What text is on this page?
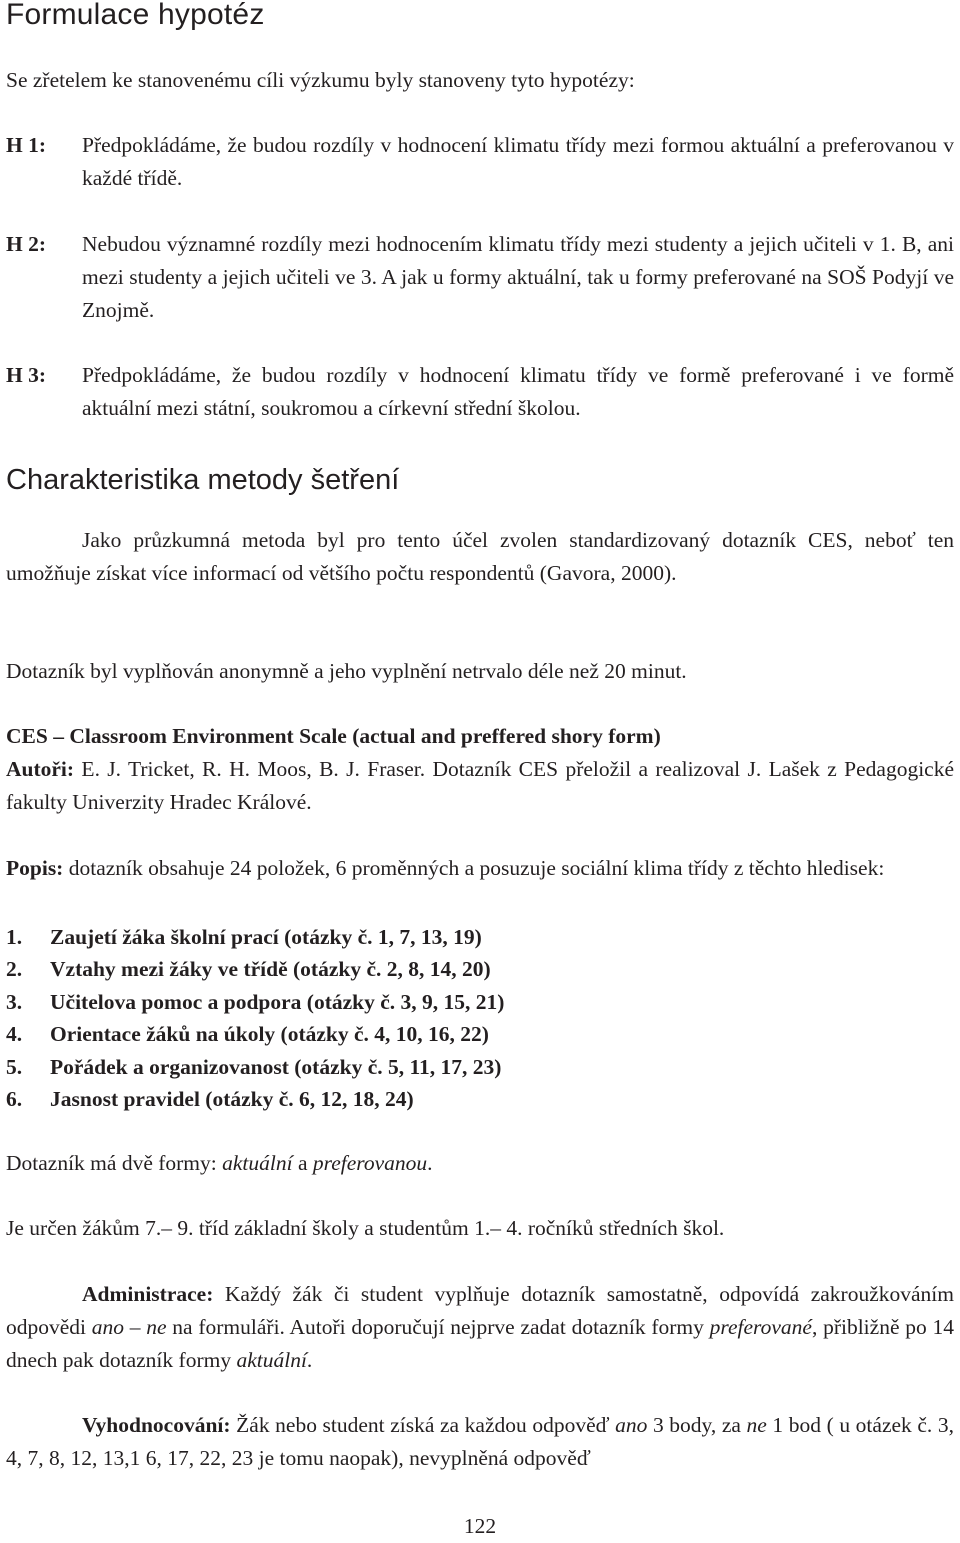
Formulace hypotéz

Se zřetelem ke stanovenému cíli výzkumu byly stanoveny tyto hypotézy:

H 1: Předpokládáme, že budou rozdíly v hodnocení klimatu třídy mezi formou aktuální a preferovanou v každé třídě.

H 2: Nebudou významné rozdíly mezi hodnocením klimatu třídy mezi studenty a jejich učiteli v 1. B, ani mezi studenty a jejich učiteli ve 3. A jak u formy aktuální, tak u formy preferované na SOŠ Podyjí ve Znojmě.

H 3: Předpokládáme, že budou rozdíly v hodnocení klimatu třídy ve formě preferované i ve formě aktuální mezi státní, soukromou a církevní střední školou.

Charakteristika metody šetření

Jako průzkumná metoda byl pro tento účel zvolen standardizovaný dotazník CES, neboť ten umožňuje získat více informací od většího počtu respondentů (Gavora, 2000).

Dotazník byl vyplňován anonymně a jeho vyplnění netrvalo déle než 20 minut.

CES – Classroom Environment Scale (actual and preffered shory form)

Autoři: E. J. Tricket, R. H. Moos, B. J. Fraser. Dotazník CES přeložil a realizoval J. Lašek z Pedagogické fakulty Univerzity Hradec Králové.

Popis: dotazník obsahuje 24 položek, 6 proměnných a posuzuje sociální klima třídy z těchto hledisek:

1. Zaujetí žáka školní prací (otázky č. 1, 7, 13, 19)
2. Vztahy mezi žáky ve třídě (otázky č. 2, 8, 14, 20)
3. Učitelova pomoc a podpora (otázky č. 3, 9, 15, 21)
4. Orientace žáků na úkoly (otázky č. 4, 10, 16, 22)
5. Pořádek a organizovanost (otázky č. 5, 11, 17, 23)
6. Jasnost pravidel (otázky č. 6, 12, 18, 24)

Dotazník má dvě formy: aktuální a preferovanou.

Je určen žákům 7.– 9. tříd základní školy a studentům 1.– 4. ročníků středních škol.

Administrace: Každý žák či student vyplňuje dotazník samostatně, odpovídá zakroužkováním odpovědi ano – ne na formuláři. Autoři doporučují nejprve zadat dotazník formy preferované, přibližně po 14 dnech pak dotazník formy aktuální.

Vyhodnocování: Žák nebo student získá za každou odpověď ano 3 body, za ne 1 bod ( u otázek č. 3, 4, 7, 8, 12, 13,1 6, 17, 22, 23 je tomu naopak), nevyplněná odpověď

122
